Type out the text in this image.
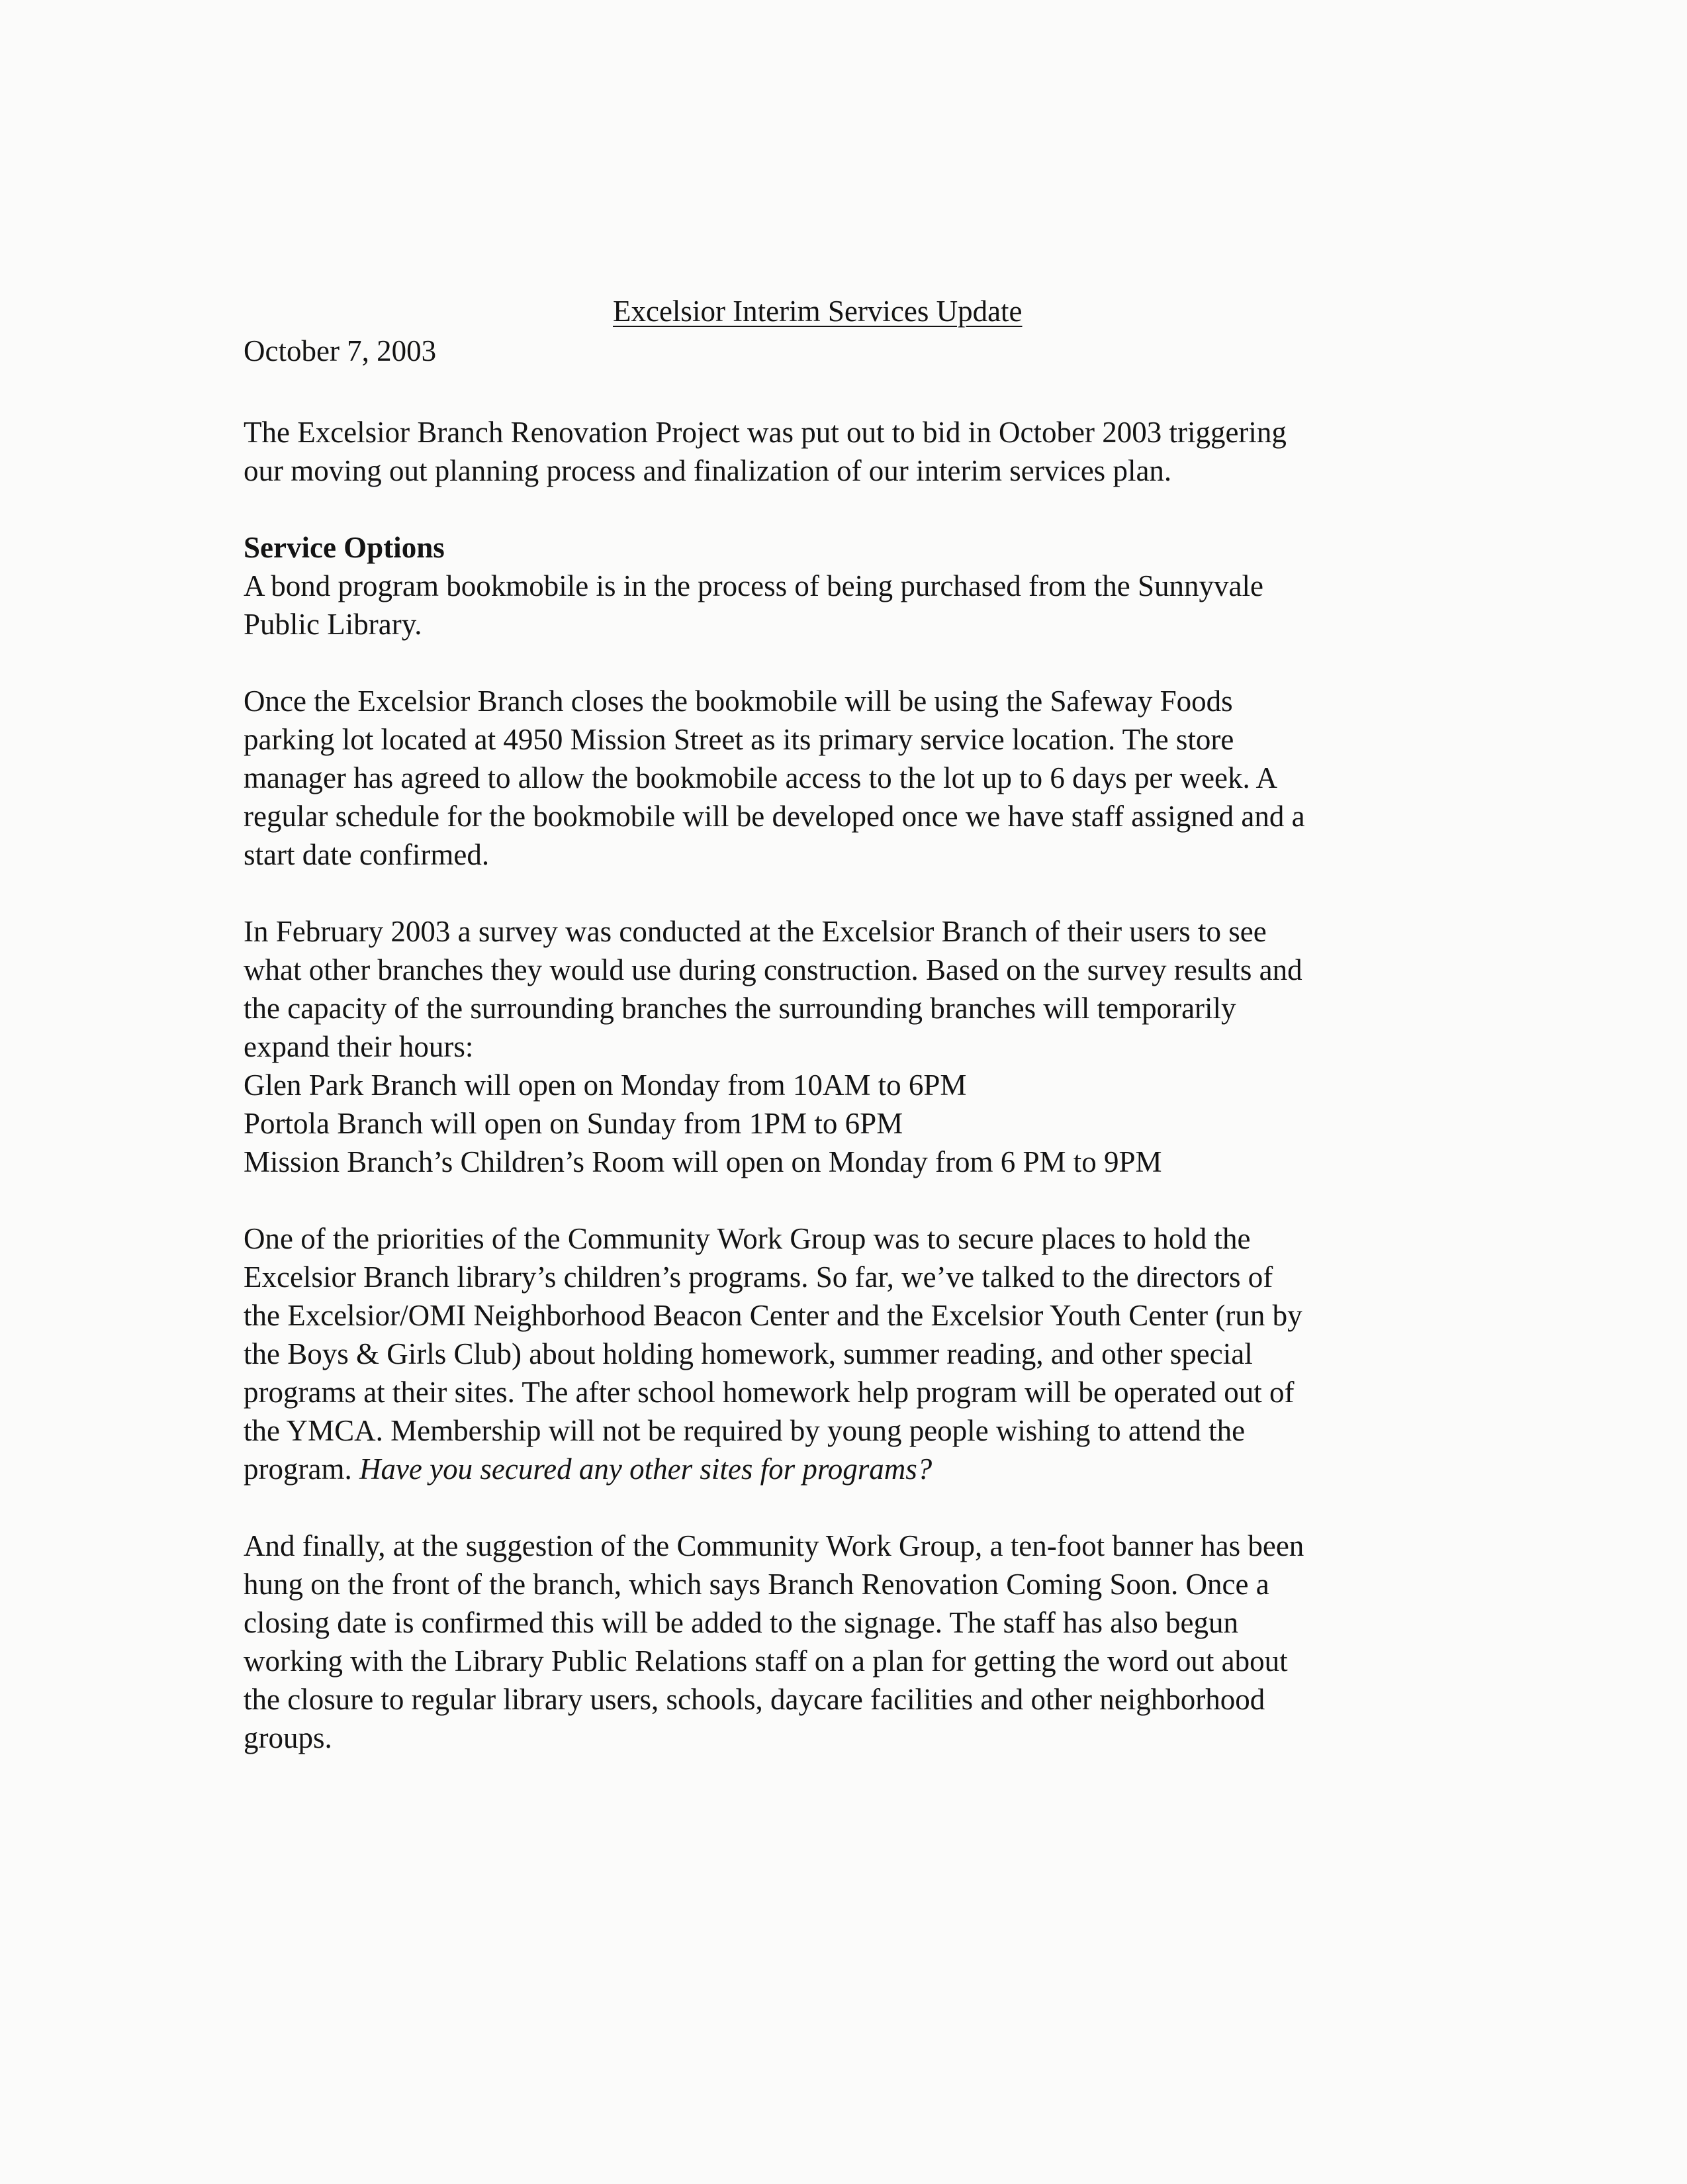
Excelsior Interim Services Update
October 7, 2003
The Excelsior Branch Renovation Project was put out to bid in October 2003 triggering
our moving out planning process and finalization of our interim services plan.
Service Options
A bond program bookmobile is in the process of being purchased from the Sunnyvale
Public Library.
Once the Excelsior Branch closes the bookmobile will be using the Safeway Foods
parking lot located at 4950 Mission Street as its primary service location. The store
manager has agreed to allow the bookmobile access to the lot up to 6 days per week. A
regular schedule for the bookmobile will be developed once we have staff assigned and a
start date confirmed.
In February 2003 a survey was conducted at the Excelsior Branch of their users to see
what other branches they would use during construction. Based on the survey results and
the capacity of the surrounding branches the surrounding branches will temporarily
expand their hours:
Glen Park Branch will open on Monday from 10AM to 6PM
Portola Branch will open on Sunday from 1PM to 6PM
Mission Branch’s Children’s Room will open on Monday from 6 PM to 9PM
One of the priorities of the Community Work Group was to secure places to hold the
Excelsior Branch library’s children’s programs. So far, we’ve talked to the directors of
the Excelsior/OMI Neighborhood Beacon Center and the Excelsior Youth Center (run by
the Boys & Girls Club) about holding homework, summer reading, and other special
programs at their sites. The after school homework help program will be operated out of
the YMCA. Membership will not be required by young people wishing to attend the
program. Have you secured any other sites for programs?
And finally, at the suggestion of the Community Work Group, a ten-foot banner has been
hung on the front of the branch, which says Branch Renovation Coming Soon. Once a
closing date is confirmed this will be added to the signage. The staff has also begun
working with the Library Public Relations staff on a plan for getting the word out about
the closure to regular library users, schools, daycare facilities and other neighborhood
groups.
